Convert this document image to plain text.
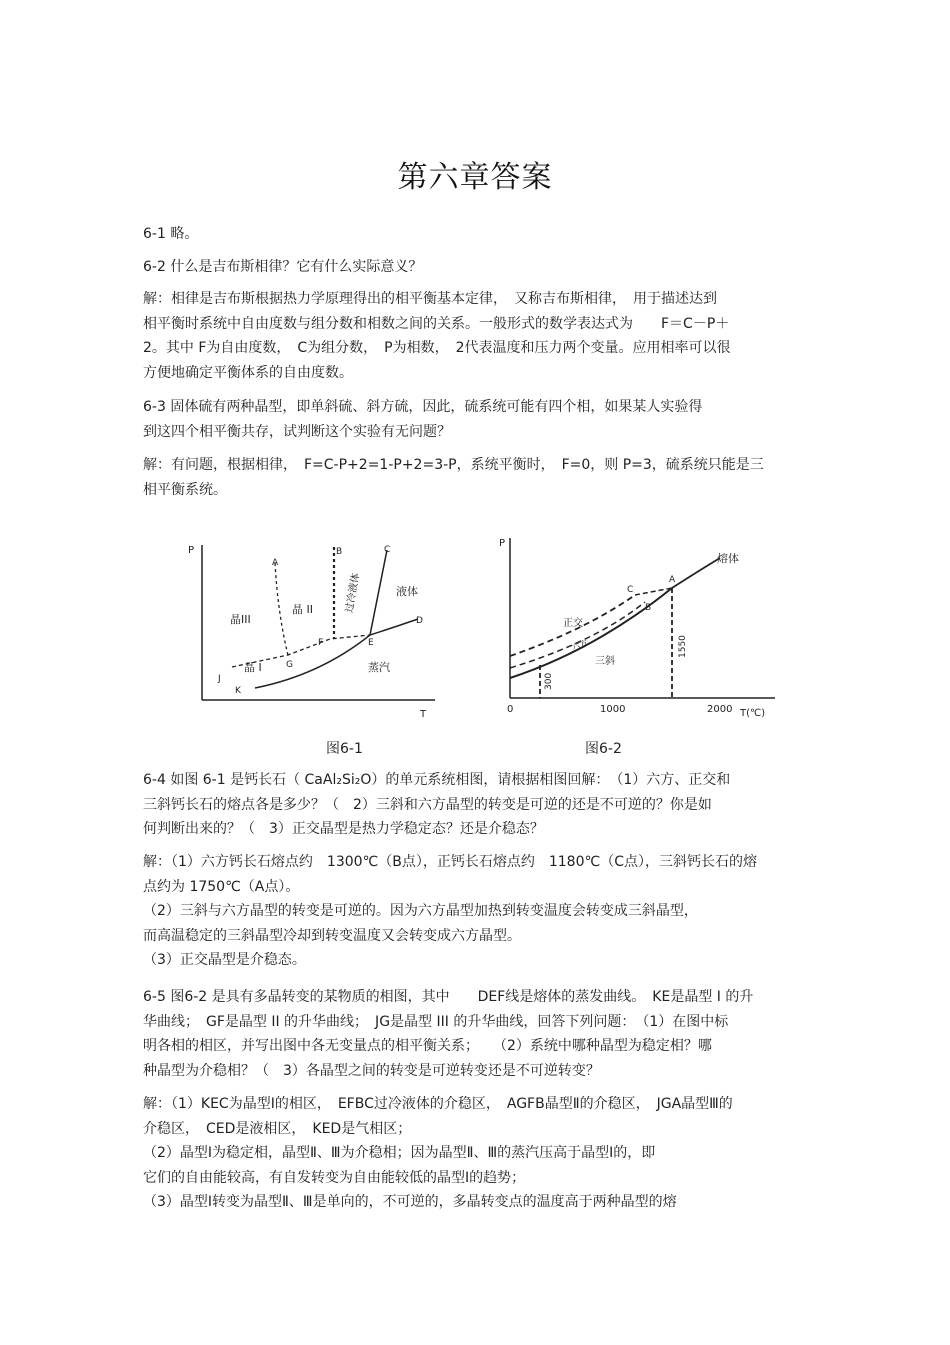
第六章答案
6-1 略。
6-2 什么是吉布斯相律？它有什么实际意义？
解：相律是吉布斯根据热力学原理得出的相平衡基本定律，　又称吉布斯相律，　用于描述达到
相平衡时系统中自由度数与组分数和相数之间的关系。一般形式的数学表达式为　　F＝C－P＋
2。其中 F为自由度数，　C为组分数，　P为相数，　2代表温度和压力两个变量。应用相率可以很
方便地确定平衡体系的自由度数。
6-3 固体硫有两种晶型，即单斜硫、斜方硫，因此，硫系统可能有四个相，如果某人实验得
到这四个相平衡共存，试判断这个实验有无问题？
解：有问题，根据相律，　F=C-P+2=1-P+2=3-P，系统平衡时，　F=0，则 P=3，硫系统只能是三
相平衡系统。
P
T
A
B	C
D
E
F
G
J
K
晶III
晶 II
液体
过冷液体
晶 I	蒸汽
P
T(℃)
0	1000	2000
300
1550
A
B
C
熔体
正交
六方
三斜
图6-1	图6-2
6-4 如图 6-1 是钙长石（ CaAl₂Si₂O）的单元系统相图，请根据相图回解：　（1）六方、正交和
三斜钙长石的熔点各是多少？（　2）三斜和六方晶型的转变是可逆的还是不可逆的？你是如
何判断出来的？（　3）正交晶型是热力学稳定态？还是介稳态？
解：（1）六方钙长石熔点约　1300℃（B点），正钙长石熔点约　1180℃（C点），三斜钙长石的熔
点约为 1750℃（A点）。
（2）三斜与六方晶型的转变是可逆的。因为六方晶型加热到转变温度会转变成三斜晶型，
而高温稳定的三斜晶型冷却到转变温度又会转变成六方晶型。
（3）正交晶型是介稳态。
6-5 图6-2 是具有多晶转变的某物质的相图，其中　　DEF线是熔体的蒸发曲线。　KE是晶型 I 的升
华曲线；　GF是晶型 II 的升华曲线；　JG是晶型 III 的升华曲线，回答下列问题：　（1）在图中标
明各相的相区，并写出图中各无变量点的相平衡关系；　　（2）系统中哪种晶型为稳定相？哪
种晶型为介稳相？（　3）各晶型之间的转变是可逆转变还是不可逆转变？
解：（1）KEC为晶型Ⅰ的相区，　EFBC过冷液体的介稳区，　AGFB晶型Ⅱ的介稳区，　JGA晶型Ⅲ的
介稳区，　CED是液相区，　KED是气相区；
（2）晶型Ⅰ为稳定相，晶型Ⅱ、Ⅲ为介稳相；因为晶型Ⅱ、Ⅲ的蒸汽压高于晶型Ⅰ的，即
它们的自由能较高，有自发转变为自由能较低的晶型Ⅰ的趋势；
（3）晶型Ⅰ转变为晶型Ⅱ、Ⅲ是单向的，不可逆的，多晶转变点的温度高于两种晶型的熔
